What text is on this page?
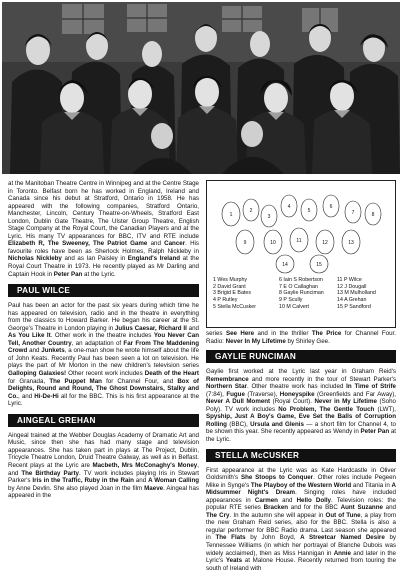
at the Manitoban Theatre Centre in Winnipeg and at the Centre Stage in Toronto. Belfast born he has worked in England, Ireland and Canada since his debut at Stratford, Ontario in 1958. He has appeared with the following companies, Stratford Ontario, Manchester, Lincoln, Century Theatre-on-Wheels, Stratford East London, Dublin Gate Theatre, The Ulster Group Theatre, English Stage Company at the Royal Court, the Canadian Players and at the Lyric. His many TV appearances for BBC, ITV and RTE include Elizabeth R, The Sweeney, The Patriot Game and Cancer. His favourite roles have been as Sherlock Holmes, Ralph Nickleby in Nicholas Nickleby and as Ian Paisley in England's Ireland at the Royal Court Theatre in 1973. He recently played as Mr Darling and Captain Hook in Peter Pan at the Lyric.

PAUL WILCE

Paul has been an actor for the past six years during which time he has appeared on television, radio and in the theatre in everything from the classics to Howard Barker. He began his career at the St. George's Theatre in London playing in Julius Caesar, Richard II and As You Like It. Other work in the theatre includes You Never Can Tell, Another Country, an adaptation of Far From The Maddening Crowd and Junkets, a one-man show he wrote himself about the life of John Keats. Recently Paul has been seen a lot on television. He plays the part of Mr Morton in the new children's television series Galloping Galaxies! Other recent work includes Death of the Heart for Granada, The Puppet Man for Channel Four, and Box of Delights, Round and Round, The Ghost Downstairs, Stalky and Co., and Hi-De-Hi all for the BBC. This is his first appearance at the Lyric.

AINGEAL GREHAN

Aingeal trained at the Webber Douglas Academy of Dramatic Art and Music, since then she has had many stage and television appearances. She has taken part in plays at The Project, Dublin, Tricycle Theatre London, Druid Theatre Galway, as well as in Belfast. Recent plays at the Lyric are Macbeth, Mrs McConaghy's Money, and The Birthday Party. TV work includes playing Iris in Stewart Parker's Iris in the Traffic, Ruby in the Rain and A Woman Calling by Anne Devlin. She also played Joan in the film Maeve. Aingeal has appeared in the

1
2
3
4
5
6
7	8
9	10	11	12	13
14	15
1 Wes Murphy	6 Iain S Robertson	11 P Wilce
2 David Grant	7 E O Callaghan	12 J Dougall
3 Brigid E Bates	8 Gaylie Runciman	13 M Mulholland
4 P Rutley	9 P Scully	14 A Grehan
5 Stella McCusker	10 M Calvert	15 P Sandford

series See Here and in the thriller The Price for Channel Four. Radio: Never In My Lifetime by Shirley Gee.

GAYLIE RUNCIMAN

Gaylie first worked at the Lyric last year in Graham Reid's Remembrance and more recently in the tour of Stewart Parker's Northern Star. Other theatre work has included In Time of Strife (7:84), Fugue (Traverse), Honeyspike (Greenfields and Far Away), Never A Dull Moment (Royal Court). Never in My Lifetime (Soho Poly). TV work includes No Problem, The Gentle Touch (LWT), Spyship, Just A Boy's Game, Eve Set the Balls of Corruption Rolling (BBC), Ursula and Glenis — a short film for Channel 4, to be shown this year. She recently appeared as Wendy in Peter Pan at the Lyric.

STELLA McCUSKER

First appearance at the Lyric was as Kate Hardcastle in Oliver Goldsmith's She Stoops to Conquer. Other roles include Pegeen Mike in Synge's The Playboy of the Western World and Titania in A Midsummer Night's Dream. Singing roles have included appearances in Carmen and Hello Dolly. Television roles: the popular RTE series Bracken and for the BBC Aunt Suzanne and The Cry. In the autumn she will appear in Out of Tune, a play from the new Graham Reid series, also for the BBC. Stella is also a regular performer for BBC Radio drama. Last season she appeared in The Flats by John Boyd, A Streetcar Named Desire by Tennessee Williams (in which her portrayal of Blanche Dubois was widely acclaimed), then as Miss Hannigan in Annie and later in the Lyric's Yeats at Malone House. Recently returned from touring the south of Ireland with
